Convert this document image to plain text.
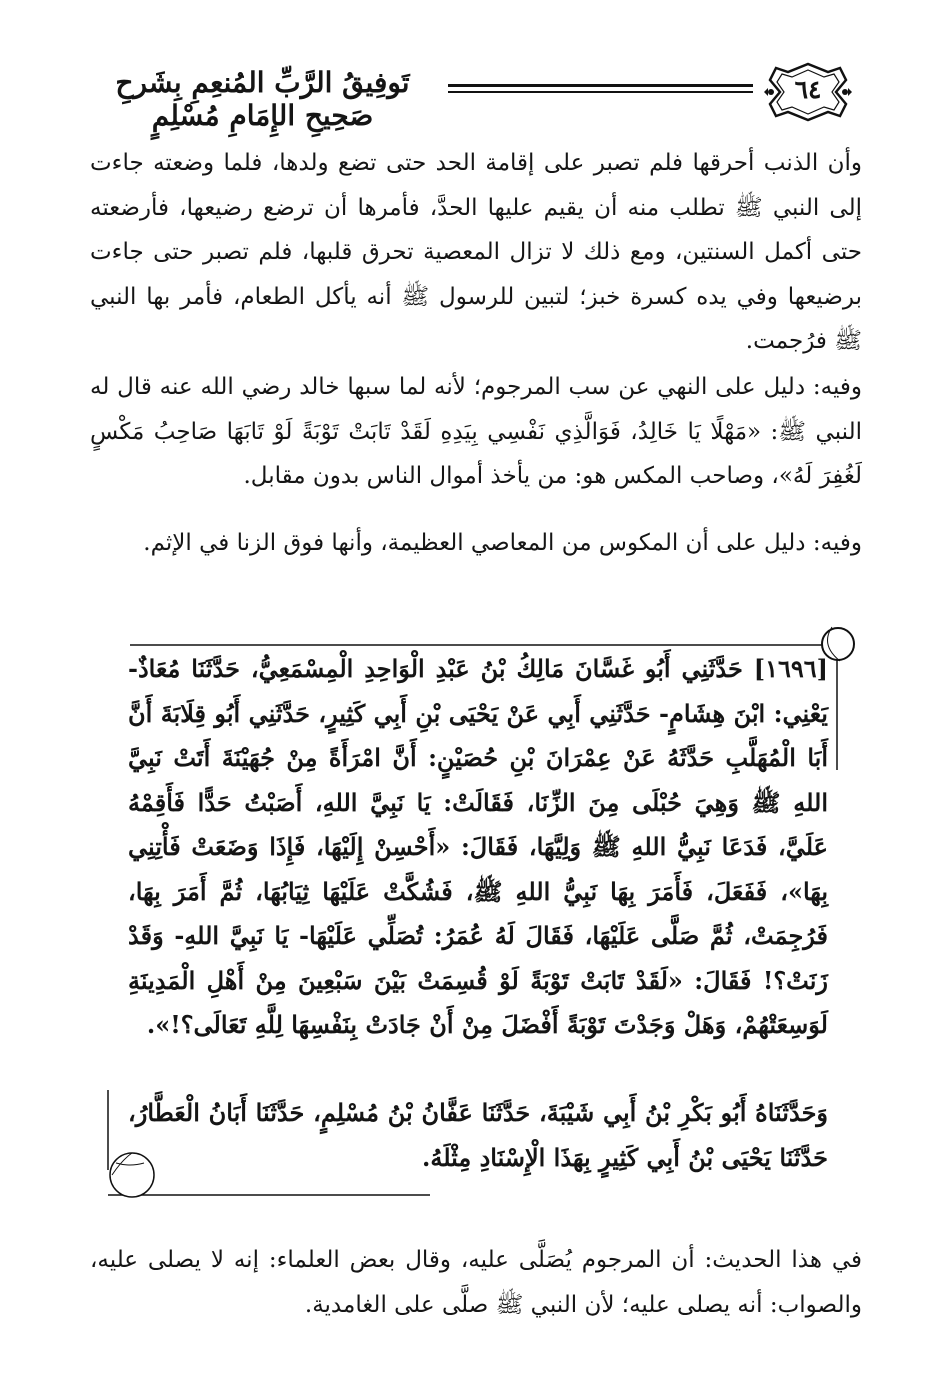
تَوفِيقُ الرَّبِّ المُنعِمِ بِشَرحِ صَحِيحِ الإِمَامِ مُسْلِمٍ
٦٤

وأن الذنب أحرقها فلم تصبر على إقامة الحد حتى تضع ولدها، فلما وضعته جاءت إلى النبي ﷺ تطلب منه أن يقيم عليها الحدَّ، فأمرها أن ترضع رضيعها، فأرضعته حتى أكمل السنتين، ومع ذلك لا تزال المعصية تحرق قلبها، فلم تصبر حتى جاءت برضيعها وفي يده كسرة خبز؛ لتبين للرسول ﷺ أنه يأكل الطعام، فأمر بها النبي ﷺ فرُجمت.

وفيه: دليل على النهي عن سب المرجوم؛ لأنه لما سبها خالد رضي الله عنه قال له النبي ﷺ: «مَهْلًا يَا خَالِدُ، فَوَالَّذِي نَفْسِي بِيَدِهِ لَقَدْ تَابَتْ تَوْبَةً لَوْ تَابَهَا صَاحِبُ مَكْسٍ لَغُفِرَ لَهُ»، وصاحب المكس هو: من يأخذ أموال الناس بدون مقابل.

وفيه: دليل على أن المكوس من المعاصي العظيمة، وأنها فوق الزنا في الإثم.

[١٦٩٦] حَدَّثَنِي أَبُو غَسَّانَ مَالِكُ بْنُ عَبْدِ الْوَاحِدِ الْمِسْمَعِيُّ، حَدَّثَنَا مُعَاذٌ- يَعْنِي: ابْنَ هِشَامٍ- حَدَّثَنِي أَبِي عَنْ يَحْيَى بْنِ أَبِي كَثِيرٍ، حَدَّثَنِي أَبُو قِلَابَةَ أَنَّ أَبَا الْمُهَلَّبِ حَدَّثَهُ عَنْ عِمْرَانَ بْنِ حُصَيْنٍ: أَنَّ امْرَأَةً مِنْ جُهَيْنَةَ أَتَتْ نَبِيَّ اللهِ ﷺ وَهِيَ حُبْلَى مِنَ الزِّنَا، فَقَالَتْ: يَا نَبِيَّ اللهِ، أَصَبْتُ حَدًّا فَأَقِمْهُ عَلَيَّ، فَدَعَا نَبِيُّ اللهِ ﷺ وَلِيَّهَا، فَقَالَ: «أَحْسِنْ إِلَيْهَا، فَإِذَا وَضَعَتْ فَأْتِنِي بِهَا»، فَفَعَلَ، فَأَمَرَ بِهَا نَبِيُّ اللهِ ﷺ، فَشُكَّتْ عَلَيْهَا ثِيَابُهَا، ثُمَّ أَمَرَ بِهَا، فَرُجِمَتْ، ثُمَّ صَلَّى عَلَيْهَا، فَقَالَ لَهُ عُمَرُ: تُصَلِّي عَلَيْهَا- يَا نَبِيَّ اللهِ- وَقَدْ زَنَتْ؟! فَقَالَ: «لَقَدْ تَابَتْ تَوْبَةً لَوْ قُسِمَتْ بَيْنَ سَبْعِينَ مِنْ أَهْلِ الْمَدِينَةِ لَوَسِعَتْهُمْ، وَهَلْ وَجَدْتَ تَوْبَةً أَفْضَلَ مِنْ أَنْ جَادَتْ بِنَفْسِهَا لِلَّهِ تَعَالَى؟!».

وَحَدَّثَنَاهُ أَبُو بَكْرِ بْنُ أَبِي شَيْبَةَ، حَدَّثَنَا عَفَّانُ بْنُ مُسْلِمٍ، حَدَّثَنَا أَبَانُ الْعَطَّارُ، حَدَّثَنَا يَحْيَى بْنُ أَبِي كَثِيرٍ بِهَذَا الْإِسْنَادِ مِثْلَهُ.

في هذا الحديث: أن المرجوم يُصَلَّى عليه، وقال بعض العلماء: إنه لا يصلى عليه، والصواب: أنه يصلى عليه؛ لأن النبي ﷺ صلَّى على الغامدية.
